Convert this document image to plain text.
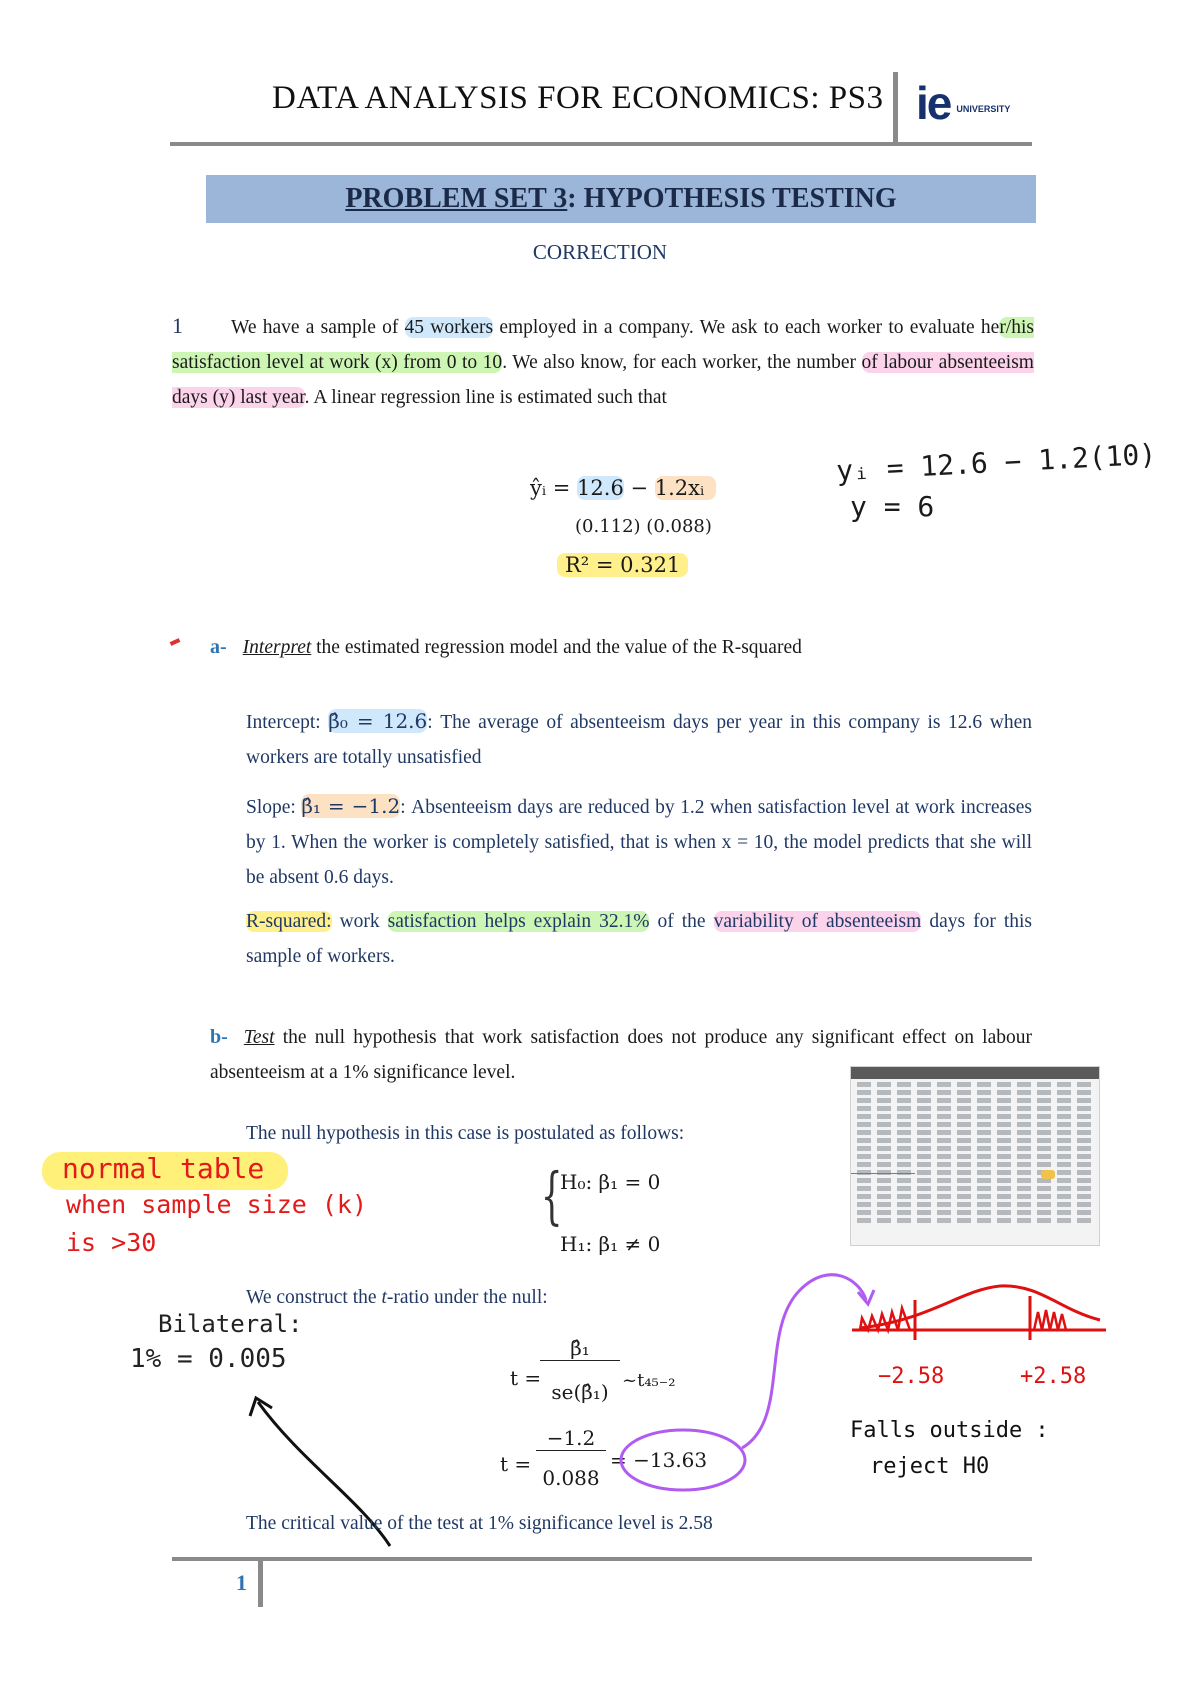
DATA ANALYSIS FOR ECONOMICS: PS3 ie UNIVERSITY
PROBLEM SET 3: HYPOTHESIS TESTING
CORRECTION
1 We have a sample of 45 workers employed in a company. We ask to each worker to evaluate her/his satisfaction level at work (x) from 0 to 10. We also know, for each worker, the number of labour absenteeism days (y) last year. A linear regression line is estimated such that
ŷᵢ = 12.6 − 1.2xᵢ
(0.112) (0.088)
R² = 0.321
yᵢ = 12.6 − 1.2(10)
y = 6
a- Interpret the estimated regression model and the value of the R-squared
Intercept: β̂₀ = 12.6: The average of absenteeism days per year in this company is 12.6 when workers are totally unsatisfied
Slope: β̂₁ = −1.2: Absenteeism days are reduced by 1.2 when satisfaction level at work increases by 1. When the worker is completely satisfied, that is when x = 10, the model predicts that she will be absent 0.6 days.
R-squared: work satisfaction helps explain 32.1% of the variability of absenteeism days for this sample of workers.
b- Test the null hypothesis that work satisfaction does not produce any significant effect on labour absenteeism at a 1% significance level.
The null hypothesis in this case is postulated as follows:
{
H₀: β₁ = 0
H₁: β₁ ≠ 0
normal table
when sample size (k)
is >30
We construct the t-ratio under the null:
Bilateral:
1% = 0.005
t =
β̂₁
se(β̂₁) ~t₄₅₋₂
t =
−1.2
0.088
= −13.63
−2.58	+2.58
Falls outside :
reject H0
The critical value of the test at 1% significance level is 2.58
1
